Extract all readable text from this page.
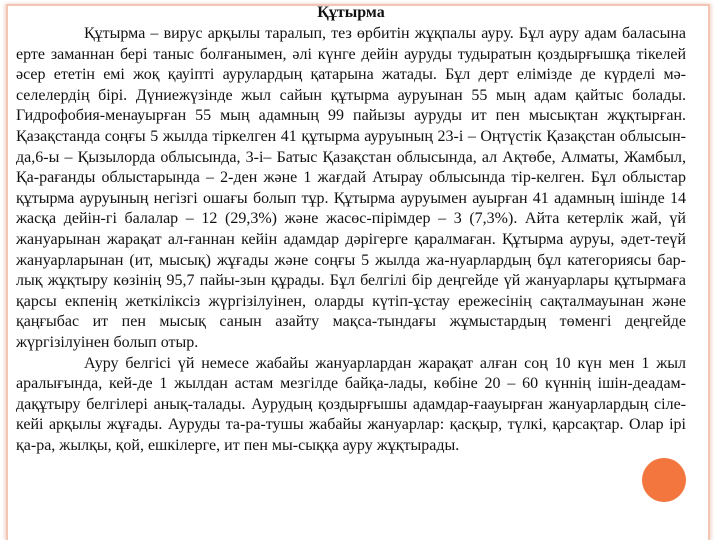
Құтырма

Құтырма – вирус арқылы таралып, тез өрбитін жұқпалы ауру. Бұл ауру адам баласына ерте заманнан бері таныс болғанымен, әлі күнге дейін ауруды тудыратын қоздырғышқа тікелей әсер ететін емі жоқ қауіпті аурулардың қатарына жатады. Бұл дерт елімізде де күрделі мә-селелердің бірі. Дүниежүзінде жыл сайын құтырма ауруынан 55 мың адам қайтыс болады. Гидрофобия-менауырған 55 мың адамның 99 пайызы ауруды ит пен мысықтан жұқтырған. Қазақстанда соңғы 5 жылда тіркелген 41 құтырма ауруының 23-і – Оңтүстік Қазақстан облысын-да,6-ы – Қызылорда облысында, 3-і– Батыс Қазақстан облысында, ал Ақтөбе, Алматы, Жамбыл, Қа-рағанды облыстарында – 2-ден және 1 жағдай Атырау облысында тір-келген. Бұл облыстар құтырма ауруының негізгі ошағы болып тұр. Құтырма ауруымен ауырған 41 адамның ішінде 14 жасқа дейін-гі балалар – 12 (29,3%) және жасөс-пірімдер – 3 (7,3%). Айта кетерлік жай, үй жануарынан жарақат ал-ғаннан кейін адамдар дәрігерге қаралмаған. Құтырма ауруы, әдет-теүй жануарларынан (ит, мысық) жұғады және соңғы 5 жылда жа-нуарлардың бұл категориясы бар-лық жұқтыру көзінің 95,7 пайы-зын құрады. Бұл белгілі бір деңгейде үй жануарлары құтырмаға қарсы екпенің жеткіліксіз жүргізілуінен, оларды күтіп-ұстау ережесінің сақталмауынан және қаңғыбас ит пен мысық санын азайту мақса-тындағы жұмыстардың төменгі деңгейде жүргізілуінен болып отыр.

Ауру белгісі үй немесе жабайы жануарлардан жарақат алған соң 10 күн мен 1 жыл аралығында, кей-де 1 жылдан астам мезгілде байқа-лады, көбіне 20 – 60 күннің ішін-деадам-дақұтыру белгілері анық-талады. Аурудың қоздырғышы адамдар-ғаауырған жануарлардың сіле-кейі арқылы жұғады. Ауруды та-ра-тушы жабайы жануарлар: қасқыр, түлкі, қарсақтар. Олар ірі қа-ра, жылқы, қой, ешкілерге, ит пен мы-сыққа ауру жұқтырады.
